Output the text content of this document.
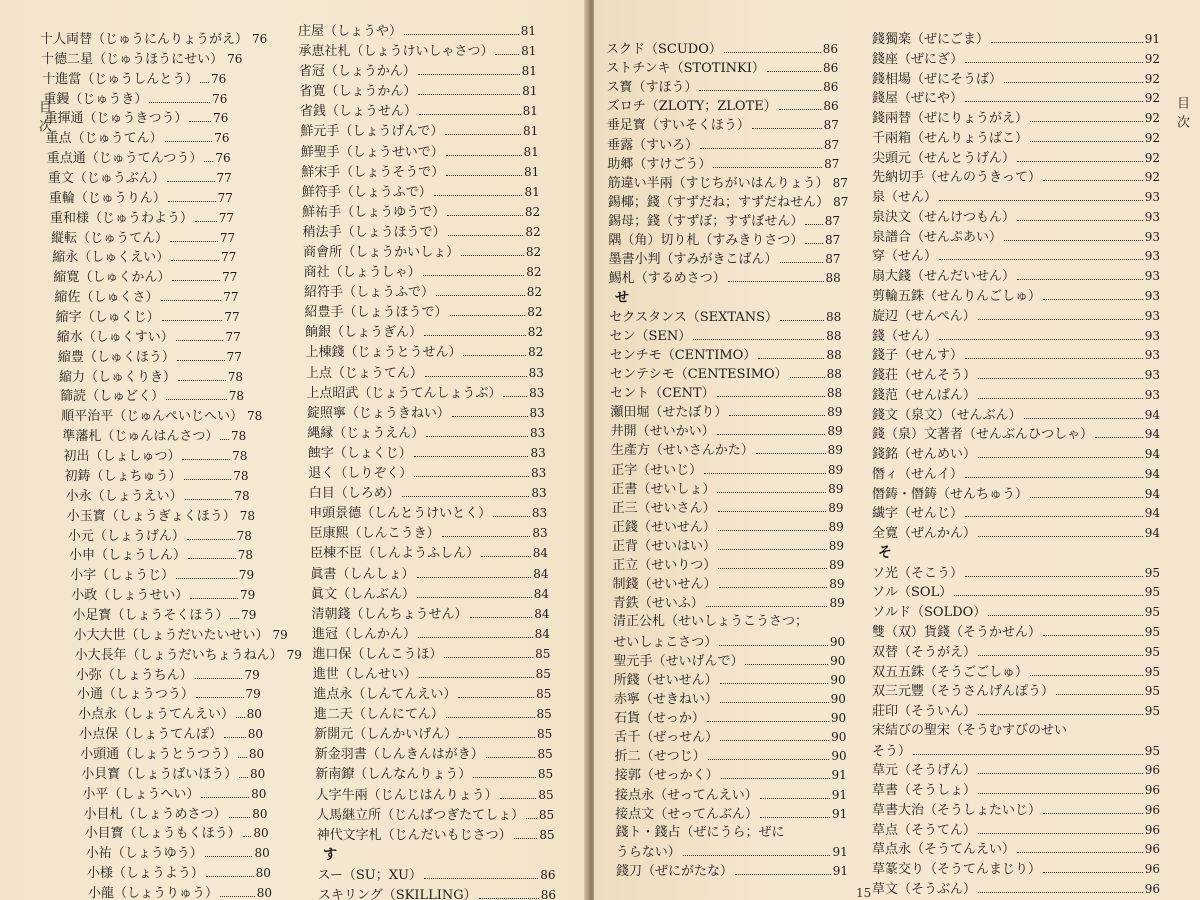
目次
十人両替（じゅうにんりょうがえ） 76
十德二星（じゅうほうにせい） 76
十進當（じゅうしんとう） 76
重鏝（じゅうき）	76
重揮通（じゅうきつう） 76
重点（じゅうてん）	76
重点通（じゅうてんつう） 76
重文（じゅうぶん）	77
重輪（じゅうりん）	77
重和様（じゅうわよう） 77
縦転（じゅうてん）	77
縮永（しゅくえい）	77
縮寛（しゅくかん）	77
縮佐（しゅくさ）	77
縮字（しゅくじ）	77
縮水（しゅくすい）	77
縮豊（しゅくほう）	77
縮力（しゅくりき）	78
篩読（しゅどく）	78
順平治平（じゅんぺいじへい） 78
準藩札（じゅんはんさつ） 78
初出（しょしゅつ）	78
初鋳（しょちゅう）	78
小永（しょうえい）	78
小玉寳（しょうぎょくほう） 78
小元（しょうげん）	78
小申（しょうしん）	78
小字（しょうじ）	79
小政（しょうせい）	79
小足寳（しょうそくほう） 79
小大大世（しょうだいたいせい） 79
小大長年（しょうだいちょうねん） 79
小弥（しょうちん）	79
小通（しょうつう）	79
小点永（しょうてんえい） 80
小点保（しょうてんぽ） 80
小頭通（しょうとうつう） 80
小貝寳（しょうばいほう） 80
小平（しょうへい）	80
小目札（しょうめさつ） 80
小目寳（しょうもくほう） 80
小祐（しょうゆう）	80
小様（しょうよう）	80
小龍（しょうりゅう）	80
庄屋（しょうや）	81
承恵社札（しょうけいしゃさつ） 81
省冠（しょうかん）	81
省寛（しょうかん）	81
省銭（しょうせん）	81
鮮元手（しょうげんで）	81
鮮聖手（しょうせいで）	81
鮮宋手（しょうそうで）	81
鮮符手（しょうふで）	81
鮮祐手（しょうゆうで）	82
稍法手（しょうほうで）	82
商會所（しょうかいしょ）	82
商社（しょうしゃ）	82
紹符手（しょうふで）	82
紹豊手（しょうほうで）	82
餉銀（しょうぎん）	82
上棟錢（じょうとうせん）	82
上点（じょうてん）	83
上点昭武（じょうてんしょうぶ） 83
錠照寧（じょうきねい）	83
縄縁（じょうえん）	83
蝕字（しょくじ）	83
退く（しりぞく）	83
白目（しろめ）	83
申頭景德（しんとうけいとく）	83
臣康熙（しんこうき）	83
臣棟不臣（しんようふしん）	84
眞書（しんしょ）	84
眞文（しんぶん）	84
清朝錢（しんちょうせん）	84
進冠（しんかん）	84
進口保（しんこうほ）	85
進世（しんせい）	85
進点永（しんてんえい）	85
進二天（しんにてん）	85
新開元（しんかいげん）	85
新金羽書（しんきんはがき）	85
新南鐐（しんなんりょう）	85
人字牛兩（じんじはんりょう）	85
人馬継立所（じんばつぎたてしょ） 85
神代文字札（じんだいもじさつ） 85
す
スー（SU；XU）	86
スキリング（SKILLING）	86
スクド（SCUDO）	86
ストチンキ（STOTINKI）	86
ス寳（すほう）	86
ズロチ（ZLOTY；ZLOTE）	86
垂足寳（すいそくほう）	87
垂露（すいろ）	87
助郷（すけごう）	87
筋違い半兩（すじちがいはんりょう） 87
錫椰；錢（すずだね；すずだねせん） 87
錫母；錢（すずぼ；すずぼせん） 87
隅（角）切り札（すみきりさつ） 87
墨書小判（すみがきこばん）	87
鯣札（するめさつ）	88
せ
セクスタンス（SEXTANS）	88
セン（SEN）	88
センチモ（CENTIMO）	88
センテシモ（CENTESIMO）	88
セント（CENT）	88
瀬田堀（せたぼり）	89
井開（せいかい）	89
生產方（せいさんかた）	89
正字（せいじ）	89
正書（せいしょ）	89
正三（せいさん）	89
正錢（せいせん）	89
正背（せいはい）	89
正立（せいりつ）	89
制錢（せいせん）	89
青鉄（せいふ）	89
清正公札（せいしょうこうさつ；
せいしょこさつ）	90
聖元手（せいげんで）	90
所錢（せいせん）	90
赤寧（せきねい）	90
石貨（せっか）	90
舌千（ぜっせん）	90
折二（せつじ）	90
接郭（せっかく）	91
接点永（せってんえい）	91
接点文（せってんぶん）	91
錢ト・錢占（ぜにうら；ぜに
うらない）	91
錢刀（ぜにがたな）	91
錢獨楽（ぜにごま）	91
錢座（ぜにざ）	92
錢相場（ぜにそうば）	92
錢屋（ぜにや）	92
錢兩替（ぜにりょうがえ）	92
千兩箱（せんりょうばこ）	92
尖頭元（せんとうげん）	92
先納切手（せんのうきって）	92
泉（せん）	93
泉決文（せんけつもん）	93
泉譜合（せんぷあい）	93
穿（せん）	93
扇大錢（せんだいせん）	93
剪輪五銖（せんりんごしゅ）	93
旋辺（せんぺん）	93
錢（せん）	93
錢子（せんす）	93
錢荘（せんそう）	93
錢范（せんぱん）	93
錢文（泉文）（せんぶん）	94
錢（泉）文著者（せんぶんひつしゃ）	94
錢銘（せんめい）	94
僭ィ（せんイ）	94
僭鋳・僭鋳（せんちゅう）	94
繊字（せんじ）	94
全寛（ぜんかん）	94
そ
ソ光（そこう）	95
ソル（SOL）	95
ソルド（SOLDO）	95
雙（双）貨錢（そうかせん）	95
双替（そうがえ）	95
双五五銖（そうごごしゅ）	95
双三元豐（そうさんげんぽう）	95
莊印（そういん）	95
宋結びの聖宋（そうむすびのせい
そう）	95
草元（そうげん）	96
草書（そうしょ）	96
草書大治（そうしょたいじ）	96
草点（そうてん）	96
草点永（そうてんえい）	96
草篆交り（そうてんまじり）	96
草文（そうぶん）	96
目次
15
